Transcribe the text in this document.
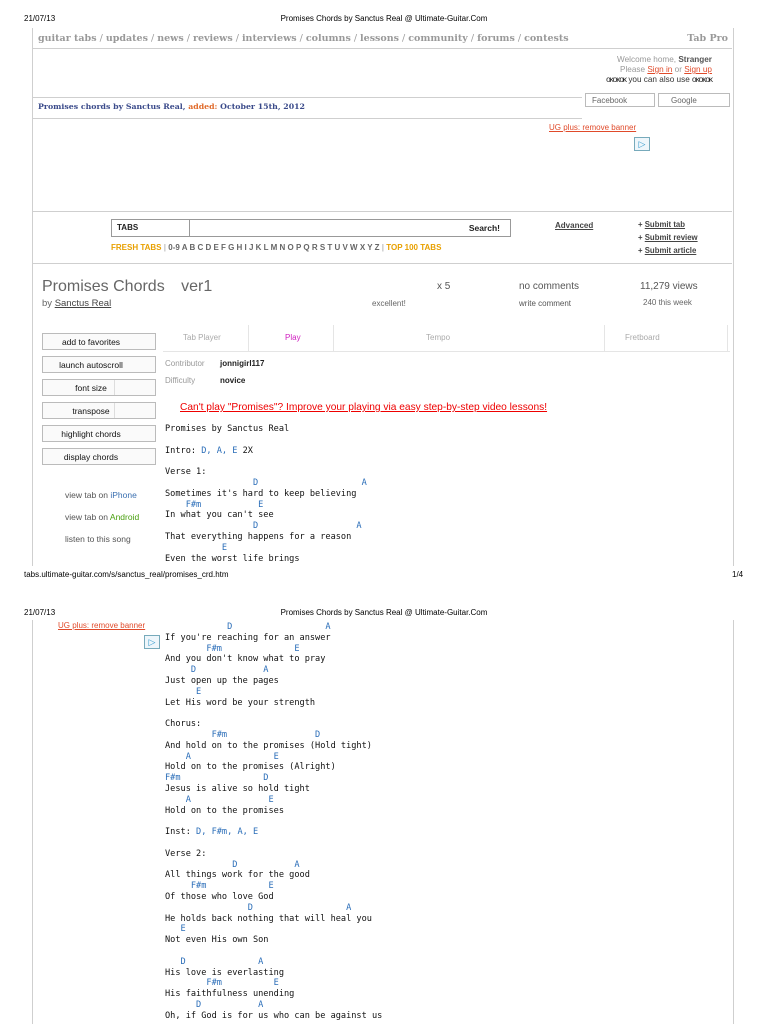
21/07/13	Promises Chords by Sanctus Real @ Ultimate-Guitar.Com
guitar tabs / updates / news / reviews / interviews / columns / lessons / community / forums / contests	Tab Pro
Welcome home, Stranger
Please Sign in or Sign up
ᴏᴋᴏᴋᴏᴋ you can also use ᴏᴋᴏᴋᴏᴋ
Facebook	Google
Promises chords by Sanctus Real, added: October 15th, 2012
UG plus: remove banner
▷
TABS	Search!	Advanced
FRESH TABS | 0-9 A B C D E F G H I J K L M N O P Q R S T U V W X Y Z | TOP 100 TABS
+ Submit tab
+ Submit review
+ Submit article
Promises Chords ver1
by Sanctus Real
x 5
excellent!
no comments
write comment
11,279 views
240 this week
add to favorites
launch autoscroll
font size
transpose
highlight chords
display chords
Tab Player	Play	Tempo	Fretboard
Contributor jonnigirl117
Difficulty	novice
Can't play "Promises"? Improve your playing via easy step-by-step video lessons!
view tab on iPhone
view tab on Android
listen to this song
Promises by Sanctus Real
Intro: D, A, E 2X
Verse 1:
D                    A
Sometimes it's hard to keep believing
F#m           E
In what you can't see
D                   A
That everything happens for a reason
E
Even the worst life brings
tabs.ultimate-guitar.com/s/sanctus_real/promises_crd.htm	1/4
21/07/13	Promises Chords by Sanctus Real @ Ultimate-Guitar.Com
UG plus: remove banner
▷
D                  A
If you're reaching for an answer
F#m              E
And you don't know what to pray
D             A
Just open up the pages
E
Let His word be your strength
Chorus:
F#m                 D
And hold on to the promises (Hold tight)
A                E
Hold on to the promises (Alright)
F#m                D
Jesus is alive so hold tight
A               E
Hold on to the promises
Inst: D, F#m, A, E
Verse 2:
D           A
All things work for the good
F#m            E
Of those who love God
D                  A
He holds back nothing that will heal you
E
Not even His own Son
D              A
His love is everlasting
F#m          E
His faithfulness unending
D           A
Oh, if God is for us who can be against us
